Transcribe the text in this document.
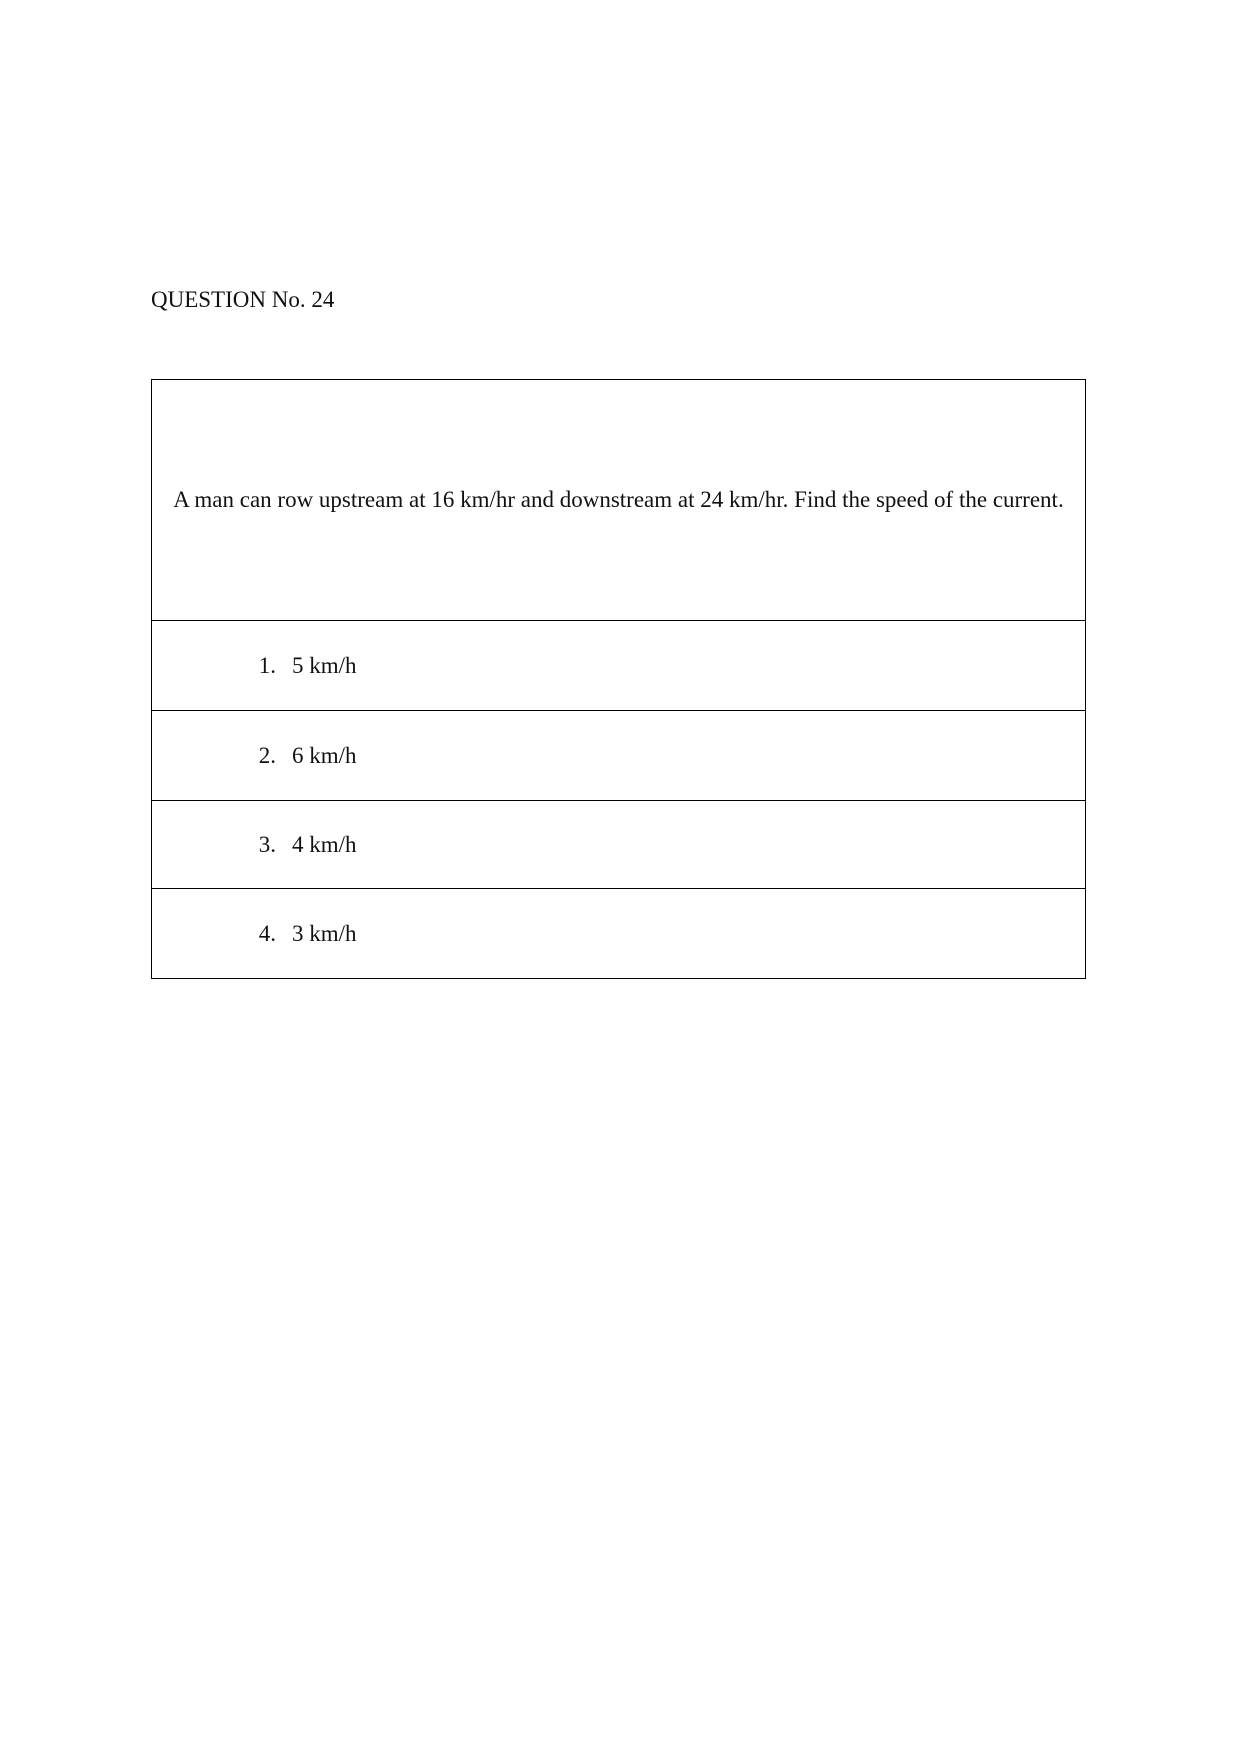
QUESTION No. 24
A man can row upstream at 16 km/hr and downstream at 24 km/hr. Find the speed of the current.
1. 5 km/h
2. 6 km/h
3. 4 km/h
4. 3 km/h
